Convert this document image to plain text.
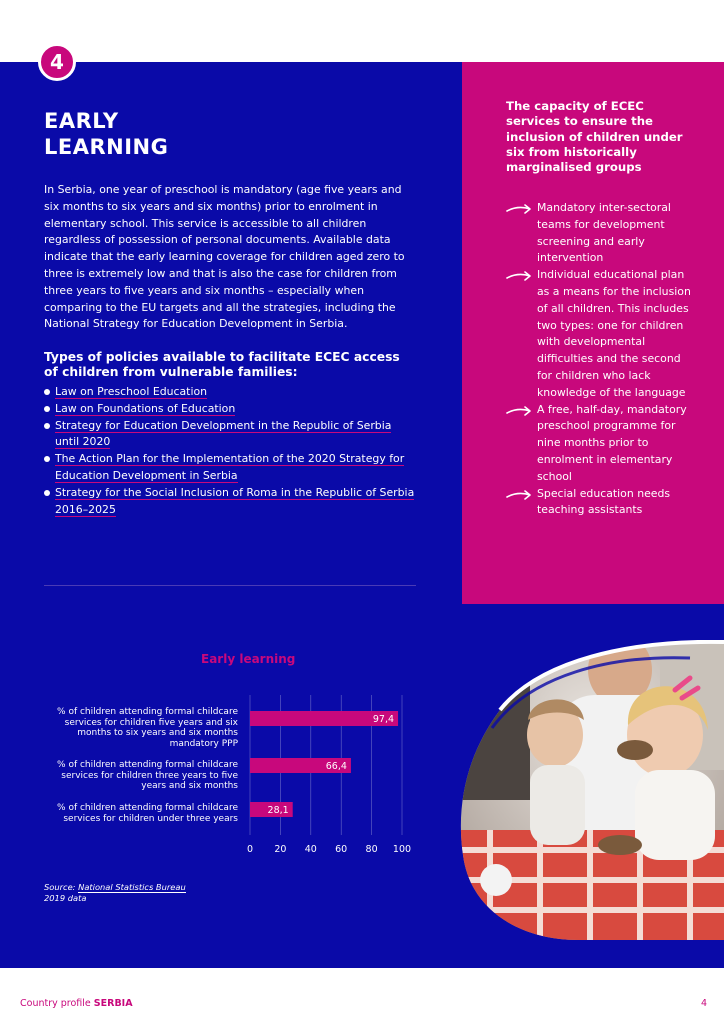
4
EARLY
LEARNING

In Serbia, one year of preschool is mandatory (age five years and six months to six years and six months) prior to enrolment in elementary school. This service is accessible to all children regardless of possession of personal documents. Available data indicate that the early learning coverage for children aged zero to three is extremely low and that is also the case for children from three years to five years and six months – especially when comparing to the EU targets and all the strategies, including the National Strategy for Education Development in Serbia.

Types of policies available to facilitate ECEC access of children from vulnerable families:
Law on Preschool Education
Law on Foundations of Education
Strategy for Education Development in the Republic of Serbia until 2020
The Action Plan for the Implementation of the 2020 Strategy for Education Development in Serbia
Strategy for the Social Inclusion of Roma in the Republic of Serbia 2016–2025
The capacity of ECEC services to ensure the inclusion of children under six from historically marginalised groups
Mandatory inter-sectoral teams for development screening and early intervention
Individual educational plan as a means for the inclusion of all children. This includes two types: one for children with developmental difficulties and the second for children who lack knowledge of the language
A free, half-day, mandatory preschool programme for nine months prior to enrolment in elementary school
Special education needs teaching assistants
Early learning
% of children attending formal childcare services for children five years and six months to six years and six months mandatory PPP
% of children attending formal childcare services for children three years to five years and six months
% of children attending formal childcare services for children under three years
0 20 40 60 80 100
97,4
66,4
28,1
Source: National Statistics Bureau
2019 data
Country profile SERBIA	4
